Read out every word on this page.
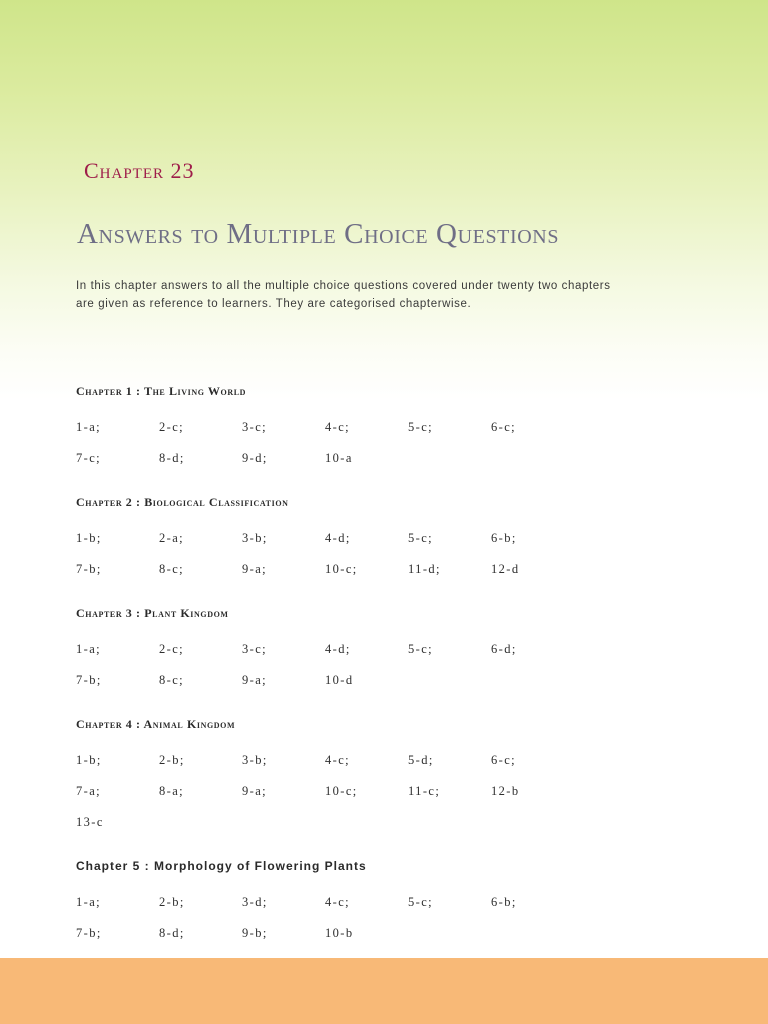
Chapter 23
Answers to Multiple Choice Questions

In this chapter answers to all the multiple choice questions covered under twenty two chapters are given as reference to learners. They are categorised chapterwise.

Chapter 1 : The Living World
1-a;	2-c;	3-c;	4-c;	5-c;	6-c;
7-c;	8-d;	9-d;	10-a
Chapter 2 : Biological Classification
1-b;	2-a;	3-b;	4-d;	5-c;	6-b;
7-b;	8-c;	9-a;	10-c;	11-d;	12-d
Chapter 3 : Plant Kingdom
1-a;	2-c;	3-c;	4-d;	5-c;	6-d;
7-b;	8-c;	9-a;	10-d
Chapter 4 : Animal Kingdom
1-b;	2-b;	3-b;	4-c;	5-d;	6-c;
7-a;	8-a;	9-a;	10-c;	11-c;	12-b
13-c
Chapter 5 : Morphology of Flowering Plants
1-a;	2-b;	3-d;	4-c;	5-c;	6-b;
7-b;	8-d;	9-b;	10-b
